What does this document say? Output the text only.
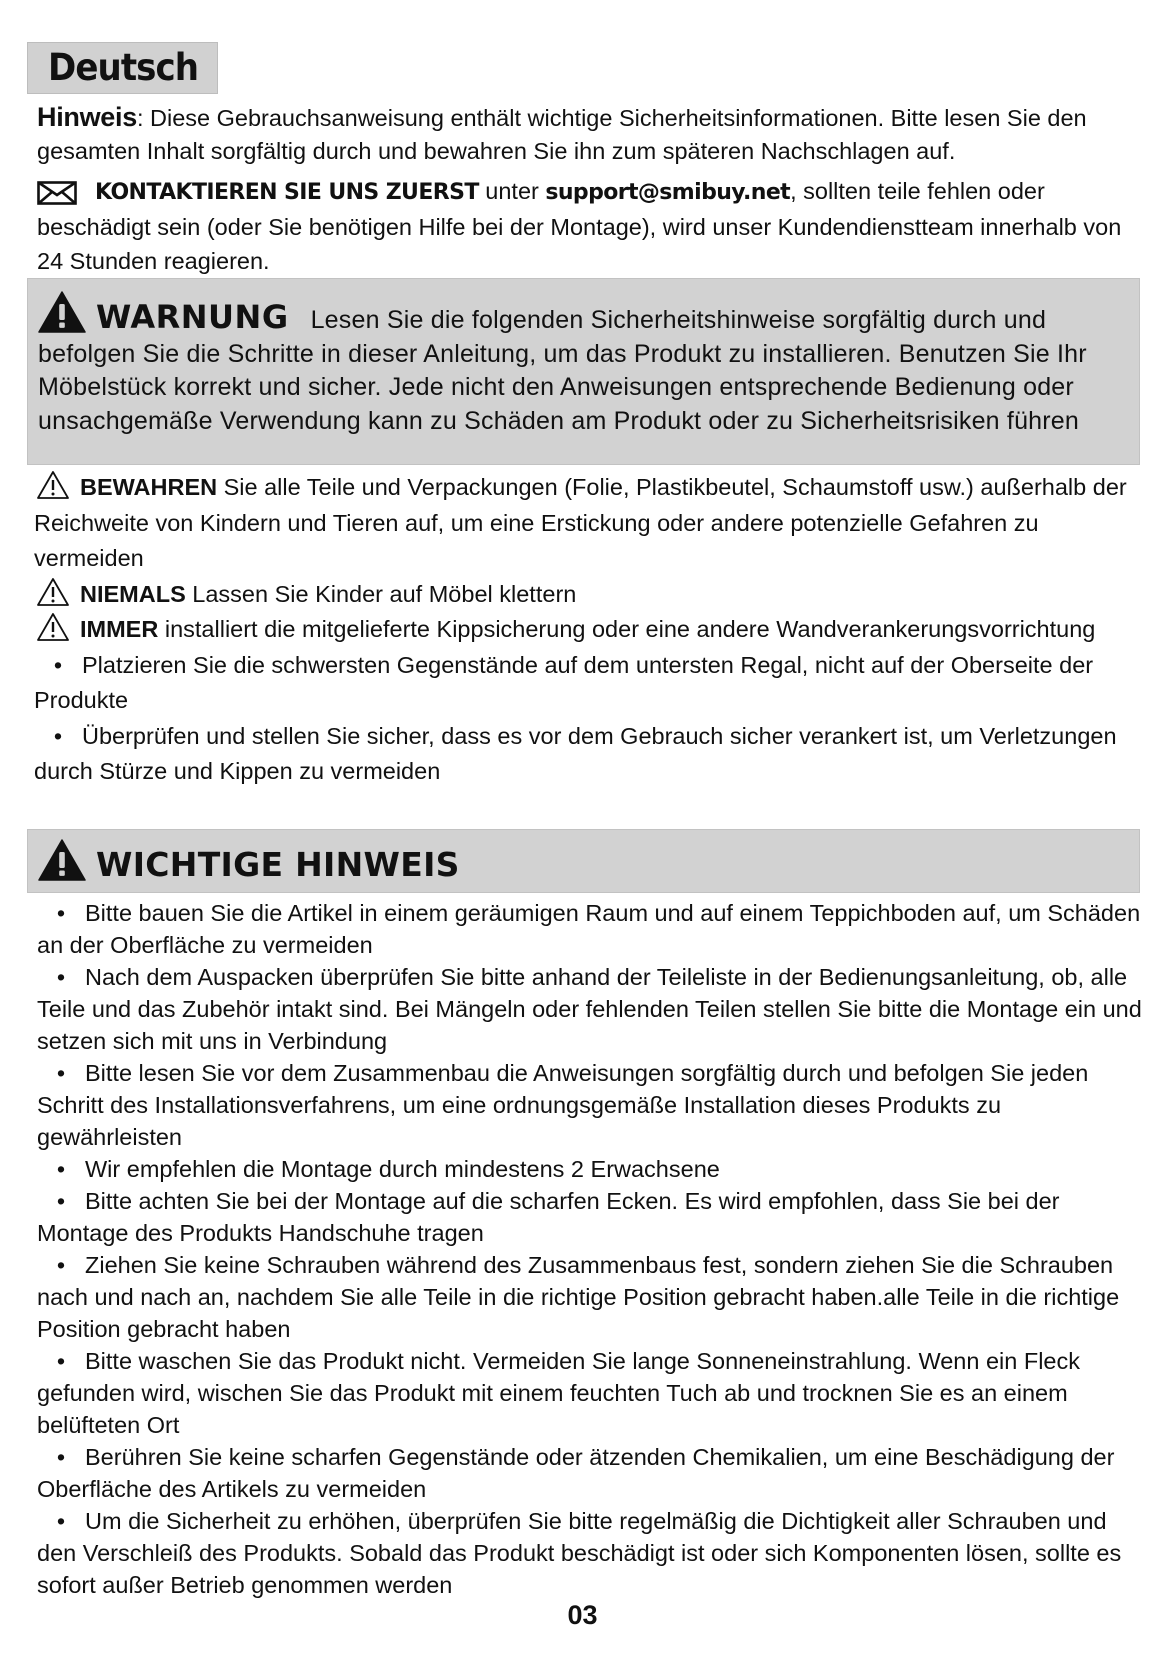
Deutsch
Hinweis: Diese Gebrauchsanweisung enthält wichtige Sicherheitsinformationen. Bitte lesen Sie den gesamten Inhalt sorgfältig durch und bewahren Sie ihn zum späteren Nachschlagen auf.
KONTAKTIEREN SIE UNS ZUERST unter support@smibuy.net, sollten teile fehlen oder beschädigt sein (oder Sie benötigen Hilfe bei der Montage), wird unser Kundendienstteam innerhalb von 24 Stunden reagieren.
WARNUNG Lesen Sie die folgenden Sicherheitshinweise sorgfältig durch und befolgen Sie die Schritte in dieser Anleitung, um das Produkt zu installieren. Benutzen Sie Ihr Möbelstück korrekt und sicher. Jede nicht den Anweisungen entsprechende Bedienung oder unsachgemäße Verwendung kann zu Schäden am Produkt oder zu Sicherheitsrisiken führen

BEWAHREN Sie alle Teile und Verpackungen (Folie, Plastikbeutel, Schaumstoff usw.) außerhalb der Reichweite von Kindern und Tieren auf, um eine Erstickung oder andere potenzielle Gefahren zu vermeiden

NIEMALS Lassen Sie Kinder auf Möbel klettern

IMMER installiert die mitgelieferte Kippsicherung oder eine andere Wandverankerungsvorrichtung

• Platzieren Sie die schwersten Gegenstände auf dem untersten Regal, nicht auf der Oberseite der Produkte

• Überprüfen und stellen Sie sicher, dass es vor dem Gebrauch sicher verankert ist, um Verletzungen durch Stürze und Kippen zu vermeiden

WICHTIGE HINWEIS

• Bitte bauen Sie die Artikel in einem geräumigen Raum und auf einem Teppichboden auf, um Schäden an der Oberfläche zu vermeiden

• Nach dem Auspacken überprüfen Sie bitte anhand der Teileliste in der Bedienungsanleitung, ob, alle Teile und das Zubehör intakt sind. Bei Mängeln oder fehlenden Teilen stellen Sie bitte die Montage ein und setzen sich mit uns in Verbindung

• Bitte lesen Sie vor dem Zusammenbau die Anweisungen sorgfältig durch und befolgen Sie jeden Schritt des Installationsverfahrens, um eine ordnungsgemäße Installation dieses Produkts zu gewährleisten

• Wir empfehlen die Montage durch mindestens 2 Erwachsene

• Bitte achten Sie bei der Montage auf die scharfen Ecken. Es wird empfohlen, dass Sie bei der Montage des Produkts Handschuhe tragen

• Ziehen Sie keine Schrauben während des Zusammenbaus fest, sondern ziehen Sie die Schrauben nach und nach an, nachdem Sie alle Teile in die richtige Position gebracht haben.alle Teile in die richtige Position gebracht haben

• Bitte waschen Sie das Produkt nicht. Vermeiden Sie lange Sonneneinstrahlung. Wenn ein Fleck gefunden wird, wischen Sie das Produkt mit einem feuchten Tuch ab und trocknen Sie es an einem belüfteten Ort

• Berühren Sie keine scharfen Gegenstände oder ätzenden Chemikalien, um eine Beschädigung der Oberfläche des Artikels zu vermeiden

• Um die Sicherheit zu erhöhen, überprüfen Sie bitte regelmäßig die Dichtigkeit aller Schrauben und den Verschleiß des Produkts. Sobald das Produkt beschädigt ist oder sich Komponenten lösen, sollte es sofort außer Betrieb genommen werden

03
